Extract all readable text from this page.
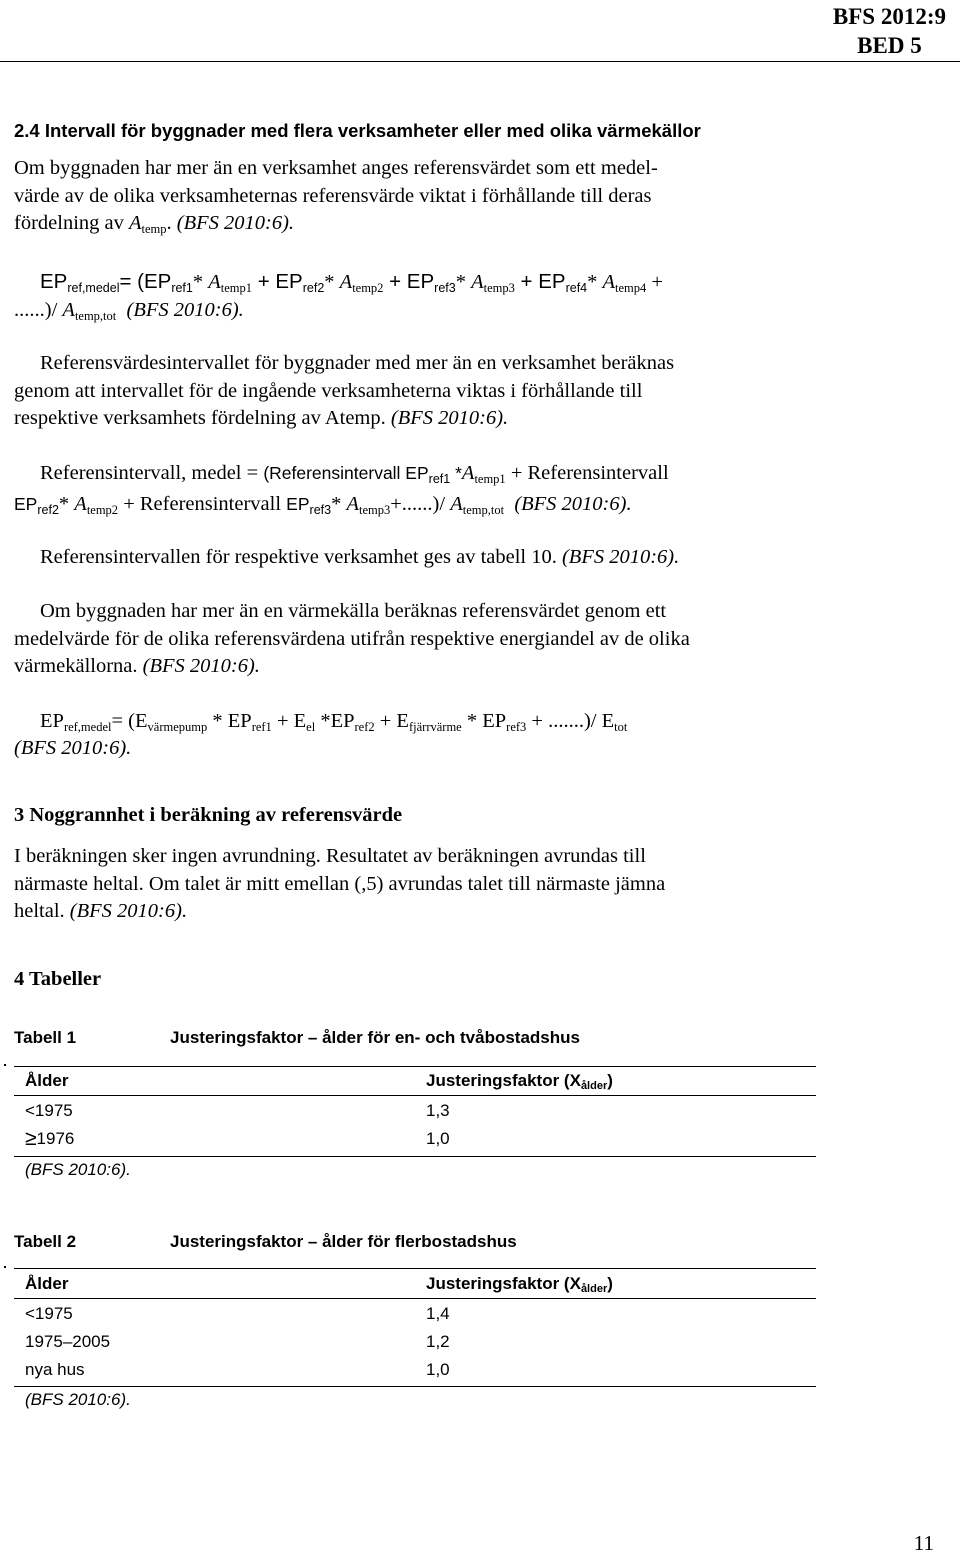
BFS 2012:9
BED 5
2.4 Intervall för byggnader med flera verksamheter eller med olika värmekällor
Om byggnaden har mer än en verksamhet anges referensvärdet som ett medel-
värde av de olika verksamheternas referensvärde viktat i förhållande till deras
fördelning av $A_{temp}$. (BFS 2010:6).
EPref,medel= (EPref1* $A_{temp1}$ + EPref2* $A_{temp2}$ + EPref3* $A_{temp3}$ + EPref4* $A_{temp4}$ +
......)/ $A_{temp,tot}$ (BFS 2010:6).
Referensvärdesintervallet för byggnader med mer än en verksamhet beräknas
genom att intervallet för de ingående verksamheterna viktas i förhållande till
respektive verksamhets fördelning av Atemp. (BFS 2010:6).
Referensintervall, medel = (Referensintervall EPref1 $*A_{temp1}$ + Referensintervall
EPref2* $A_{temp2}$ + Referensintervall EPref3* $A_{temp3}+......)/$ $A_{temp,tot}$ (BFS 2010:6).
Referensintervallen för respektive verksamhet ges av tabell 10. (BFS 2010:6).
Om byggnaden har mer än en värmekälla beräknas referensvärdet genom ett
medelvärde för de olika referensvärdena utifrån respektive energiandel av de olika
värmekällorna. (BFS 2010:6).
$EP_{ref,medel}= (E_{värmepump} * EP_{ref1} + E_{el}$ $*EP_{ref2} + E_{fjärrvärme} * EP_{ref3}$ + .......)/ $E_{tot}$
(BFS 2010:6).
3 Noggrannhet i beräkning av referensvärde
I beräkningen sker ingen avrundning. Resultatet av beräkningen avrundas till
närmaste heltal. Om talet är mitt emellan (,5) avrundas talet till närmaste jämna
heltal. (BFS 2010:6).
4 Tabeller
Tabell 1	Justeringsfaktor – ålder för en- och tvåbostadshus
Ålder	Justeringsfaktor (Xålder)
<1975	1,3
≥1976	1,0
(BFS 2010:6).
Tabell 2	Justeringsfaktor – ålder för flerbostadshus
Ålder	Justeringsfaktor (Xålder)
<1975	1,4
1975–2005	1,2
nya hus	1,0
(BFS 2010:6).
11
